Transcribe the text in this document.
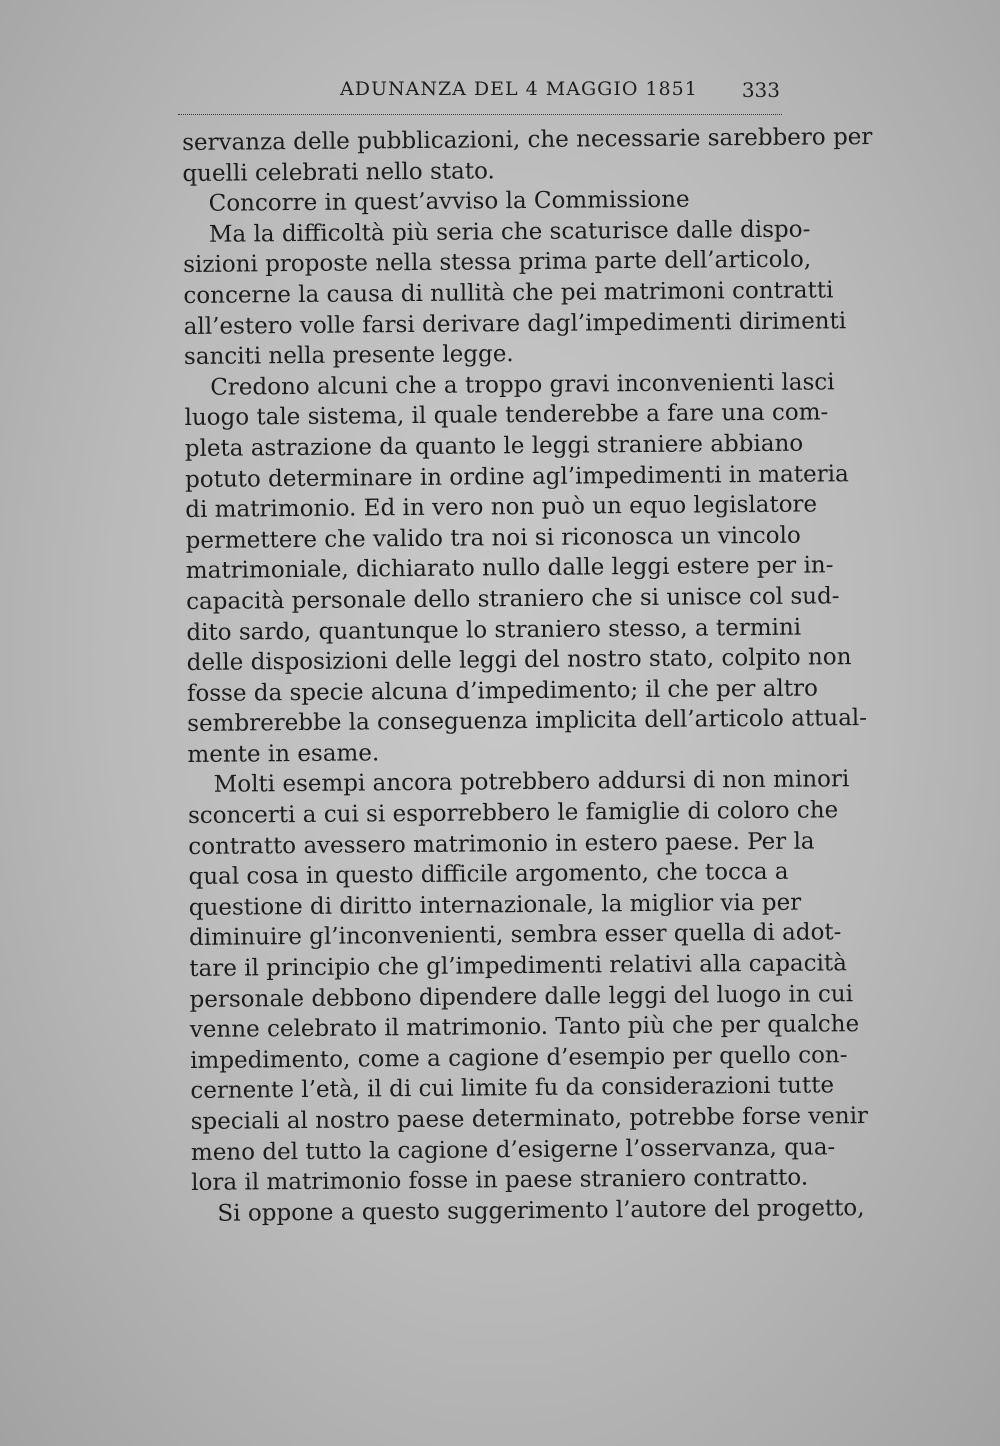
ADUNANZA DEL 4 MAGGIO 1851 333
servanza delle pubblicazioni, che necessarie sarebbero per
quelli celebrati nello stato.
Concorre in quest’avviso la Commissione
Ma la difficoltà più seria che scaturisce dalle dispo-
sizioni proposte nella stessa prima parte dell’articolo,
concerne la causa di nullità che pei matrimoni contratti
all’estero volle farsi derivare dagl’impedimenti dirimenti
sanciti nella presente legge.
Credono alcuni che a troppo gravi inconvenienti lasci
luogo tale sistema, il quale tenderebbe a fare una com-
pleta astrazione da quanto le leggi straniere abbiano
potuto determinare in ordine agl’impedimenti in materia
di matrimonio. Ed in vero non può un equo legislatore
permettere che valido tra noi si riconosca un vincolo
matrimoniale, dichiarato nullo dalle leggi estere per in-
capacità personale dello straniero che si unisce col sud-
dito sardo, quantunque lo straniero stesso, a termini
delle disposizioni delle leggi del nostro stato, colpito non
fosse da specie alcuna d’impedimento; il che per altro
sembrerebbe la conseguenza implicita dell’articolo attual-
mente in esame.
Molti esempi ancora potrebbero addursi di non minori
sconcerti a cui si esporrebbero le famiglie di coloro che
contratto avessero matrimonio in estero paese. Per la
qual cosa in questo difficile argomento, che tocca a
questione di diritto internazionale, la miglior via per
diminuire gl’inconvenienti, sembra esser quella di adot-
tare il principio che gl’impedimenti relativi alla capacità
personale debbono dipendere dalle leggi del luogo in cui
venne celebrato il matrimonio. Tanto più che per qualche
impedimento, come a cagione d’esempio per quello con-
cernente l’età, il di cui limite fu da considerazioni tutte
speciali al nostro paese determinato, potrebbe forse venir
meno del tutto la cagione d’esigerne l’osservanza, qua-
lora il matrimonio fosse in paese straniero contratto.
Si oppone a questo suggerimento l’autore del progetto,
